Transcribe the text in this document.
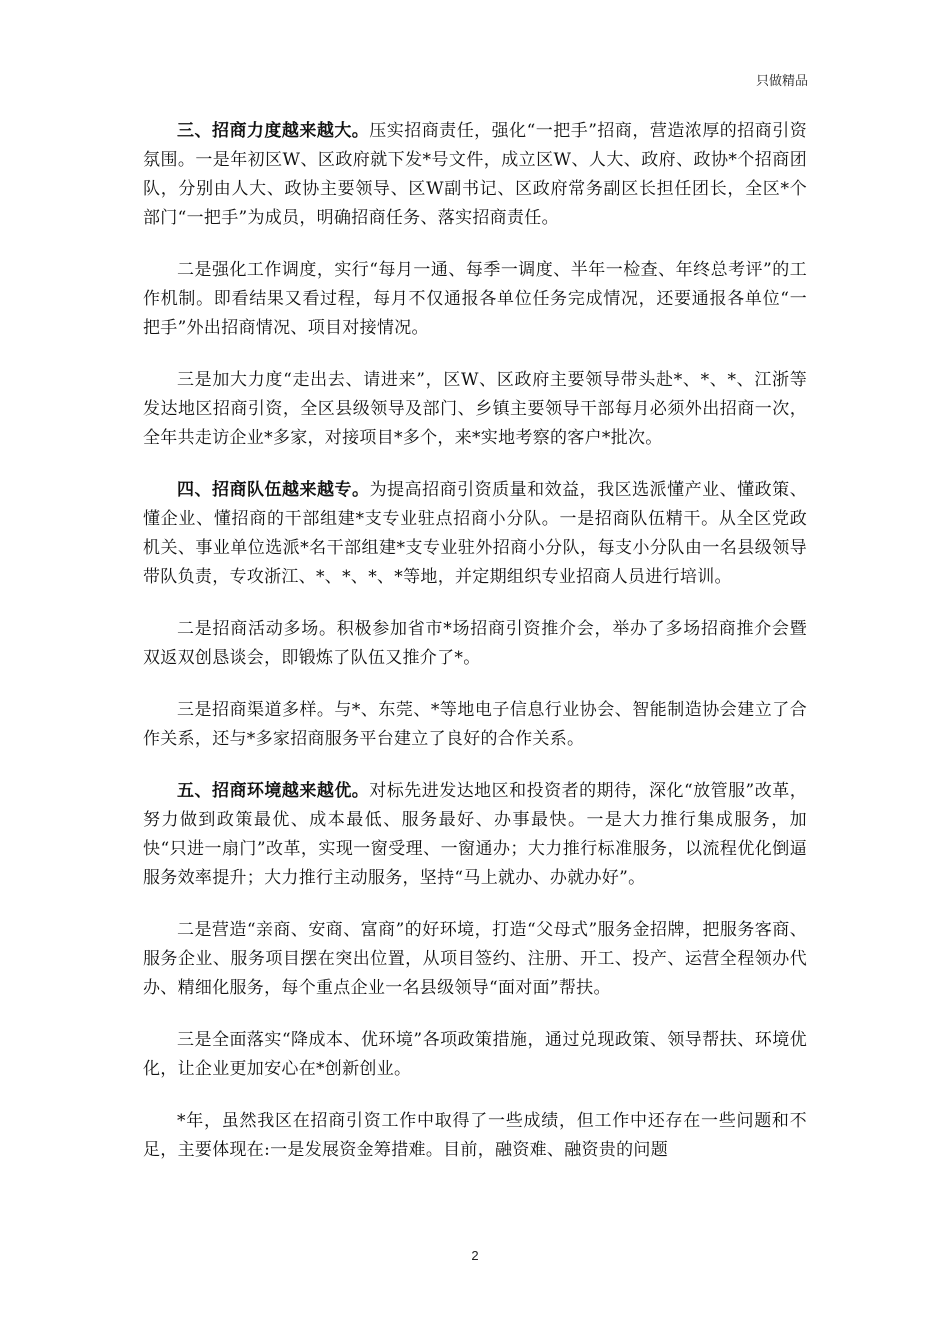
只做精品

三、招商力度越来越大。压实招商责任，强化“一把手”招商，营造浓厚的招商引资氛围。一是年初区W、区政府就下发*号文件，成立区W、人大、政府、政协*个招商团队，分别由人大、政协主要领导、区W副书记、区政府常务副区长担任团长，全区*个部门“一把手”为成员，明确招商任务、落实招商责任。

二是强化工作调度，实行“每月一通、每季一调度、半年一检查、年终总考评”的工作机制。即看结果又看过程，每月不仅通报各单位任务完成情况，还要通报各单位“一把手”外出招商情况、项目对接情况。

三是加大力度“走出去、请进来”，区W、区政府主要领导带头赴*、*、*、江浙等发达地区招商引资，全区县级领导及部门、乡镇主要领导干部每月必须外出招商一次，全年共走访企业*多家，对接项目*多个，来*实地考察的客户*批次。

四、招商队伍越来越专。为提高招商引资质量和效益，我区选派懂产业、懂政策、懂企业、懂招商的干部组建*支专业驻点招商小分队。一是招商队伍精干。从全区党政机关、事业单位选派*名干部组建*支专业驻外招商小分队，每支小分队由一名县级领导带队负责，专攻浙江、*、*、*、*等地，并定期组织专业招商人员进行培训。

二是招商活动多场。积极参加省市*场招商引资推介会，举办了多场招商推介会暨双返双创恳谈会，即锻炼了队伍又推介了*。

三是招商渠道多样。与*、东莞、*等地电子信息行业协会、智能制造协会建立了合作关系，还与*多家招商服务平台建立了良好的合作关系。

五、招商环境越来越优。对标先进发达地区和投资者的期待，深化“放管服”改革，努力做到政策最优、成本最低、服务最好、办事最快。一是大力推行集成服务，加快“只进一扇门”改革，实现一窗受理、一窗通办；大力推行标准服务，以流程优化倒逼服务效率提升；大力推行主动服务，坚持“马上就办、办就办好”。

二是营造“亲商、安商、富商”的好环境，打造“父母式”服务金招牌，把服务客商、服务企业、服务项目摆在突出位置，从项目签约、注册、开工、投产、运营全程领办代办、精细化服务，每个重点企业一名县级领导“面对面”帮扶。

三是全面落实“降成本、优环境”各项政策措施，通过兑现政策、领导帮扶、环境优化，让企业更加安心在*创新创业。

*年，虽然我区在招商引资工作中取得了一些成绩，但工作中还存在一些问题和不足，主要体现在:一是发展资金筹措难。目前，融资难、融资贵的问题

2
